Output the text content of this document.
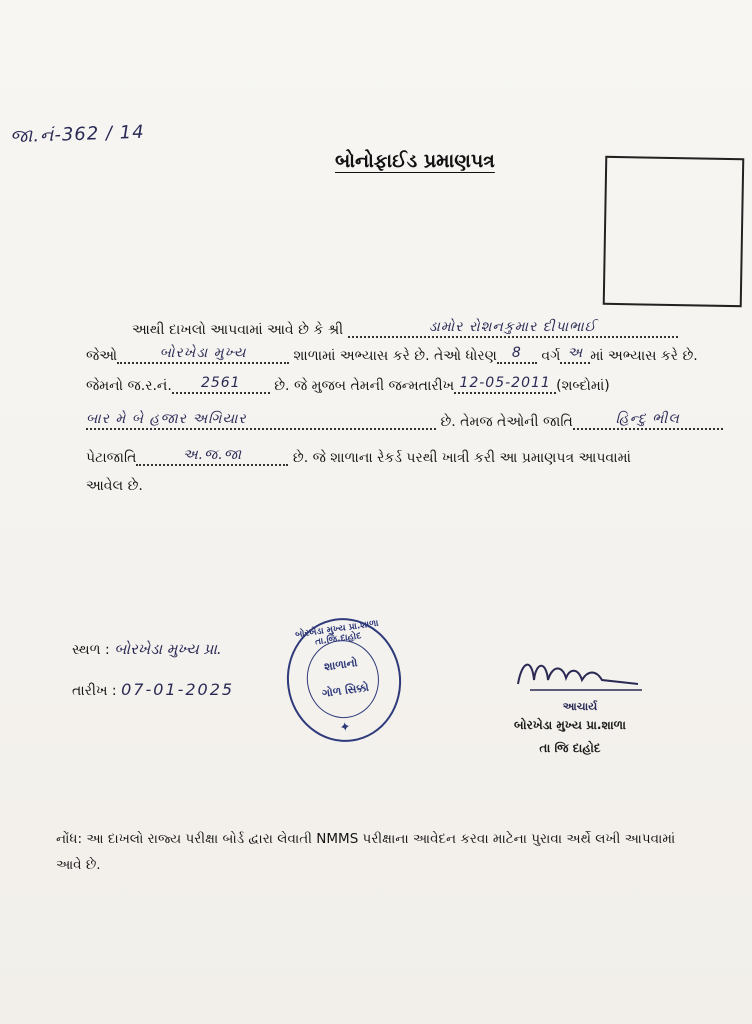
જા.નં-362 / 14
બોનોફાઈડ પ્રમાણપત્ર
આથી દાખલો આપવામાં આવે છે કે શ્રી	ડામોર રોશનકુમાર દીપાભાઈ
જેઓ	બોરખેડા મુખ્ય	શાળામાં અભ્યાસ કરે છે. તેઓ ધોરણ 8 વર્ગ અ માં અભ્યાસ કરે છે.
જેમનો જ.ર.નં. 2561 છે. જે મુજબ તેમની જન્મતારીખ 12-05-2011 (શબ્દોમાં)
બાર મે બે હજાર અગિયાર	છે. તેમજ તેઓની જાતિ	હિન્દુ ભીલ
પેટાજાતિ	અ.જ.જા	છે. જે શાળાના રેકર્ડ પરથી ખાત્રી કરી આ પ્રમાણપત્ર આપવામાં
આવેલ છે.
સ્થળ : બોરખેડા મુખ્ય પ્રા.
તારીખ : 07-01-2025
બોરખેડા મુખ્ય પ્રા.શાળા તા.જિ.દાહોદ
શાળાનો
ગોળ સિક્કો
✦
આચાર્ય
બોરખેડા મુખ્ય પ્રા.શાળા
તા જિ દાહોદ
નોંધ: આ દાખલો રાજ્ય પરીક્ષા બોર્ડ દ્વારા લેવાતી NMMS પરીક્ષાના આવેદન કરવા માટેના પુરાવા અર્થે લખી આપવામાં આવે છે.
